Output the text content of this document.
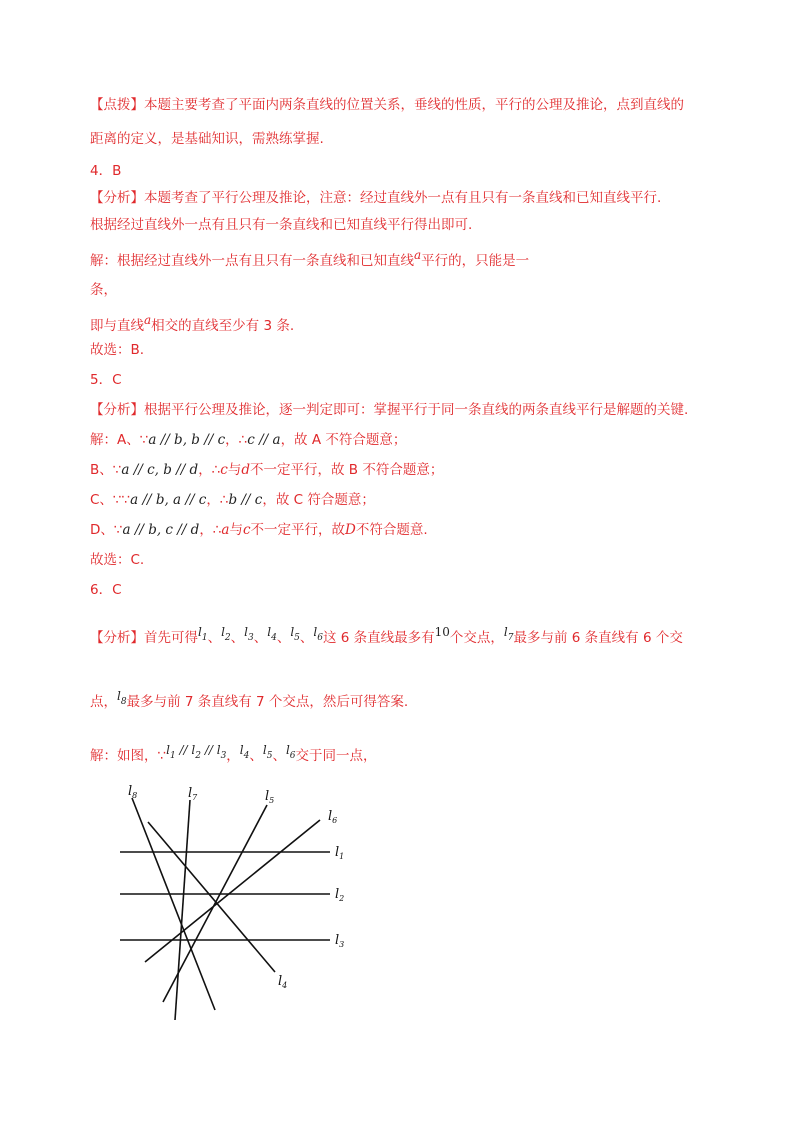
【点拨】本题主要考查了平面内两条直线的位置关系，垂线的性质，平行的公理及推论，点到直线的
距离的定义，是基础知识，需熟练掌握.
4．B
【分析】本题考查了平行公理及推论，注意：经过直线外一点有且只有一条直线和已知直线平行.
根据经过直线外一点有且只有一条直线和已知直线平行得出即可.
解：根据经过直线外一点有且只有一条直线和已知直线a平行的，只能是一
条，
即与直线a相交的直线至少有 3 条.
故选：B.
5．C
【分析】根据平行公理及推论，逐一判定即可：掌握平行于同一条直线的两条直线平行是解题的关键.
解：A、∵a // b, b // c，∴c // a，故 A 不符合题意；
B、∵a // c, b // d，∴c与d不一定平行，故 B 不符合题意；
C、∵∵a // b, a // c，∴b // c，故 C 符合题意；
D、∵a // b, c // d，∴a与c不一定平行，故D不符合题意.
故选：C.
6．C
【分析】首先可得$l_1$、$l_2$、$l_3$、$l_4$、$l_5$、$l_6$这 6 条直线最多有10个交点，$l_7$最多与前 6 条直线有 6 个交
点，$l_8$最多与前 7 条直线有 7 个交点，然后可得答案.
解：如图，$\because l_1 // l_2 // l_3$，$l_4$、$l_5$、$l_6$交于同一点，
$l_8$	$l_7$	$l_5$
$l_6$
$l_1$
$l_2$
$l_3$
$l_4$
